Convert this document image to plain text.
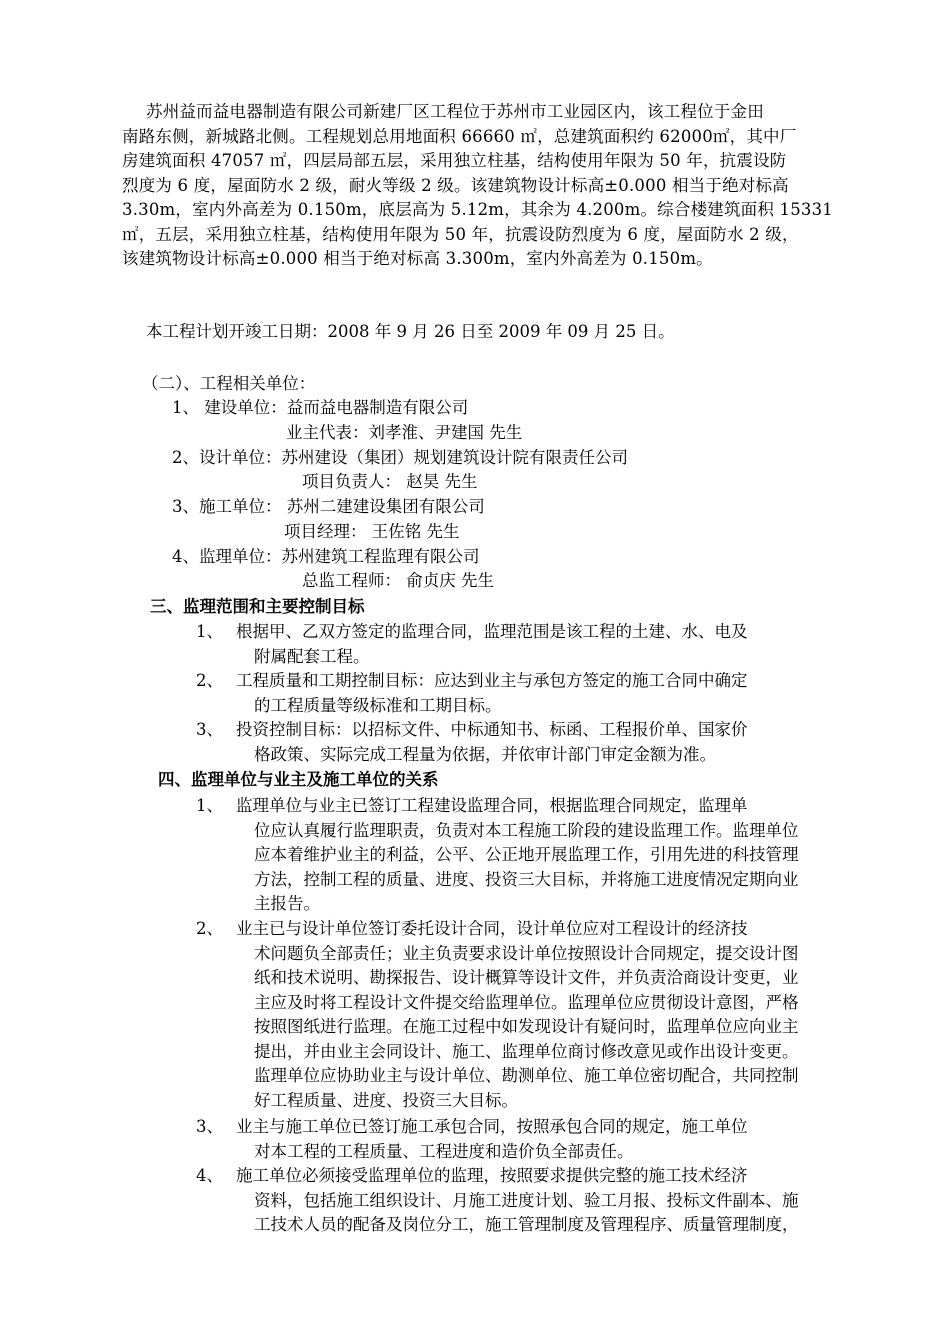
苏州益而益电器制造有限公司新建厂区工程位于苏州市工业园区内，该工程位于金田
南路东侧，新城路北侧。工程规划总用地面积 66660 ㎡，总建筑面积约 62000㎡，其中厂
房建筑面积 47057 ㎡，四层局部五层，采用独立柱基，结构使用年限为 50 年，抗震设防
烈度为 6 度，屋面防水 2 级，耐火等级 2 级。该建筑物设计标高±0.000 相当于绝对标高
3.30m，室内外高差为 0.150m，底层高为 5.12m，其余为 4.200m。综合楼建筑面积 15331
㎡，五层，采用独立柱基，结构使用年限为 50 年，抗震设防烈度为 6 度，屋面防水 2 级，
该建筑物设计标高±0.000 相当于绝对标高 3.300m，室内外高差为 0.150m。
本工程计划开竣工日期：2008 年 9 月 26 日至 2009 年 09 月 25 日。
（二）、工程相关单位：
1、 建设单位：益而益电器制造有限公司
业主代表：刘孝淮、尹建国 先生
2、设计单位：苏州建设（集团）规划建筑设计院有限责任公司
项目负责人： 赵昊 先生
3、施工单位： 苏州二建建设集团有限公司
项目经理： 王佐铭 先生
4、监理单位：苏州建筑工程监理有限公司
总监工程师： 俞贞庆 先生
三、监理范围和主要控制目标
1、 根据甲、乙双方签定的监理合同，监理范围是该工程的土建、水、电及
附属配套工程。
2、 工程质量和工期控制目标：应达到业主与承包方签定的施工合同中确定
的工程质量等级标准和工期目标。
3、 投资控制目标：以招标文件、中标通知书、标函、工程报价单、国家价
格政策、实际完成工程量为依据，并依审计部门审定金额为准。
四、监理单位与业主及施工单位的关系
1、 监理单位与业主已签订工程建设监理合同，根据监理合同规定，监理单
位应认真履行监理职责，负责对本工程施工阶段的建设监理工作。监理单位
应本着维护业主的利益，公平、公正地开展监理工作，引用先进的科技管理
方法，控制工程的质量、进度、投资三大目标，并将施工进度情况定期向业
主报告。
2、 业主已与设计单位签订委托设计合同，设计单位应对工程设计的经济技
术问题负全部责任；业主负责要求设计单位按照设计合同规定，提交设计图
纸和技术说明、勘探报告、设计概算等设计文件，并负责洽商设计变更，业
主应及时将工程设计文件提交给监理单位。监理单位应贯彻设计意图，严格
按照图纸进行监理。在施工过程中如发现设计有疑问时，监理单位应向业主
提出，并由业主会同设计、施工、监理单位商讨修改意见或作出设计变更。
监理单位应协助业主与设计单位、勘测单位、施工单位密切配合，共同控制
好工程质量、进度、投资三大目标。
3、 业主与施工单位已签订施工承包合同，按照承包合同的规定，施工单位
对本工程的工程质量、工程进度和造价负全部责任。
4、 施工单位必须接受监理单位的监理，按照要求提供完整的施工技术经济
资料，包括施工组织设计、月施工进度计划、验工月报、投标文件副本、施
工技术人员的配备及岗位分工，施工管理制度及管理程序、质量管理制度，
